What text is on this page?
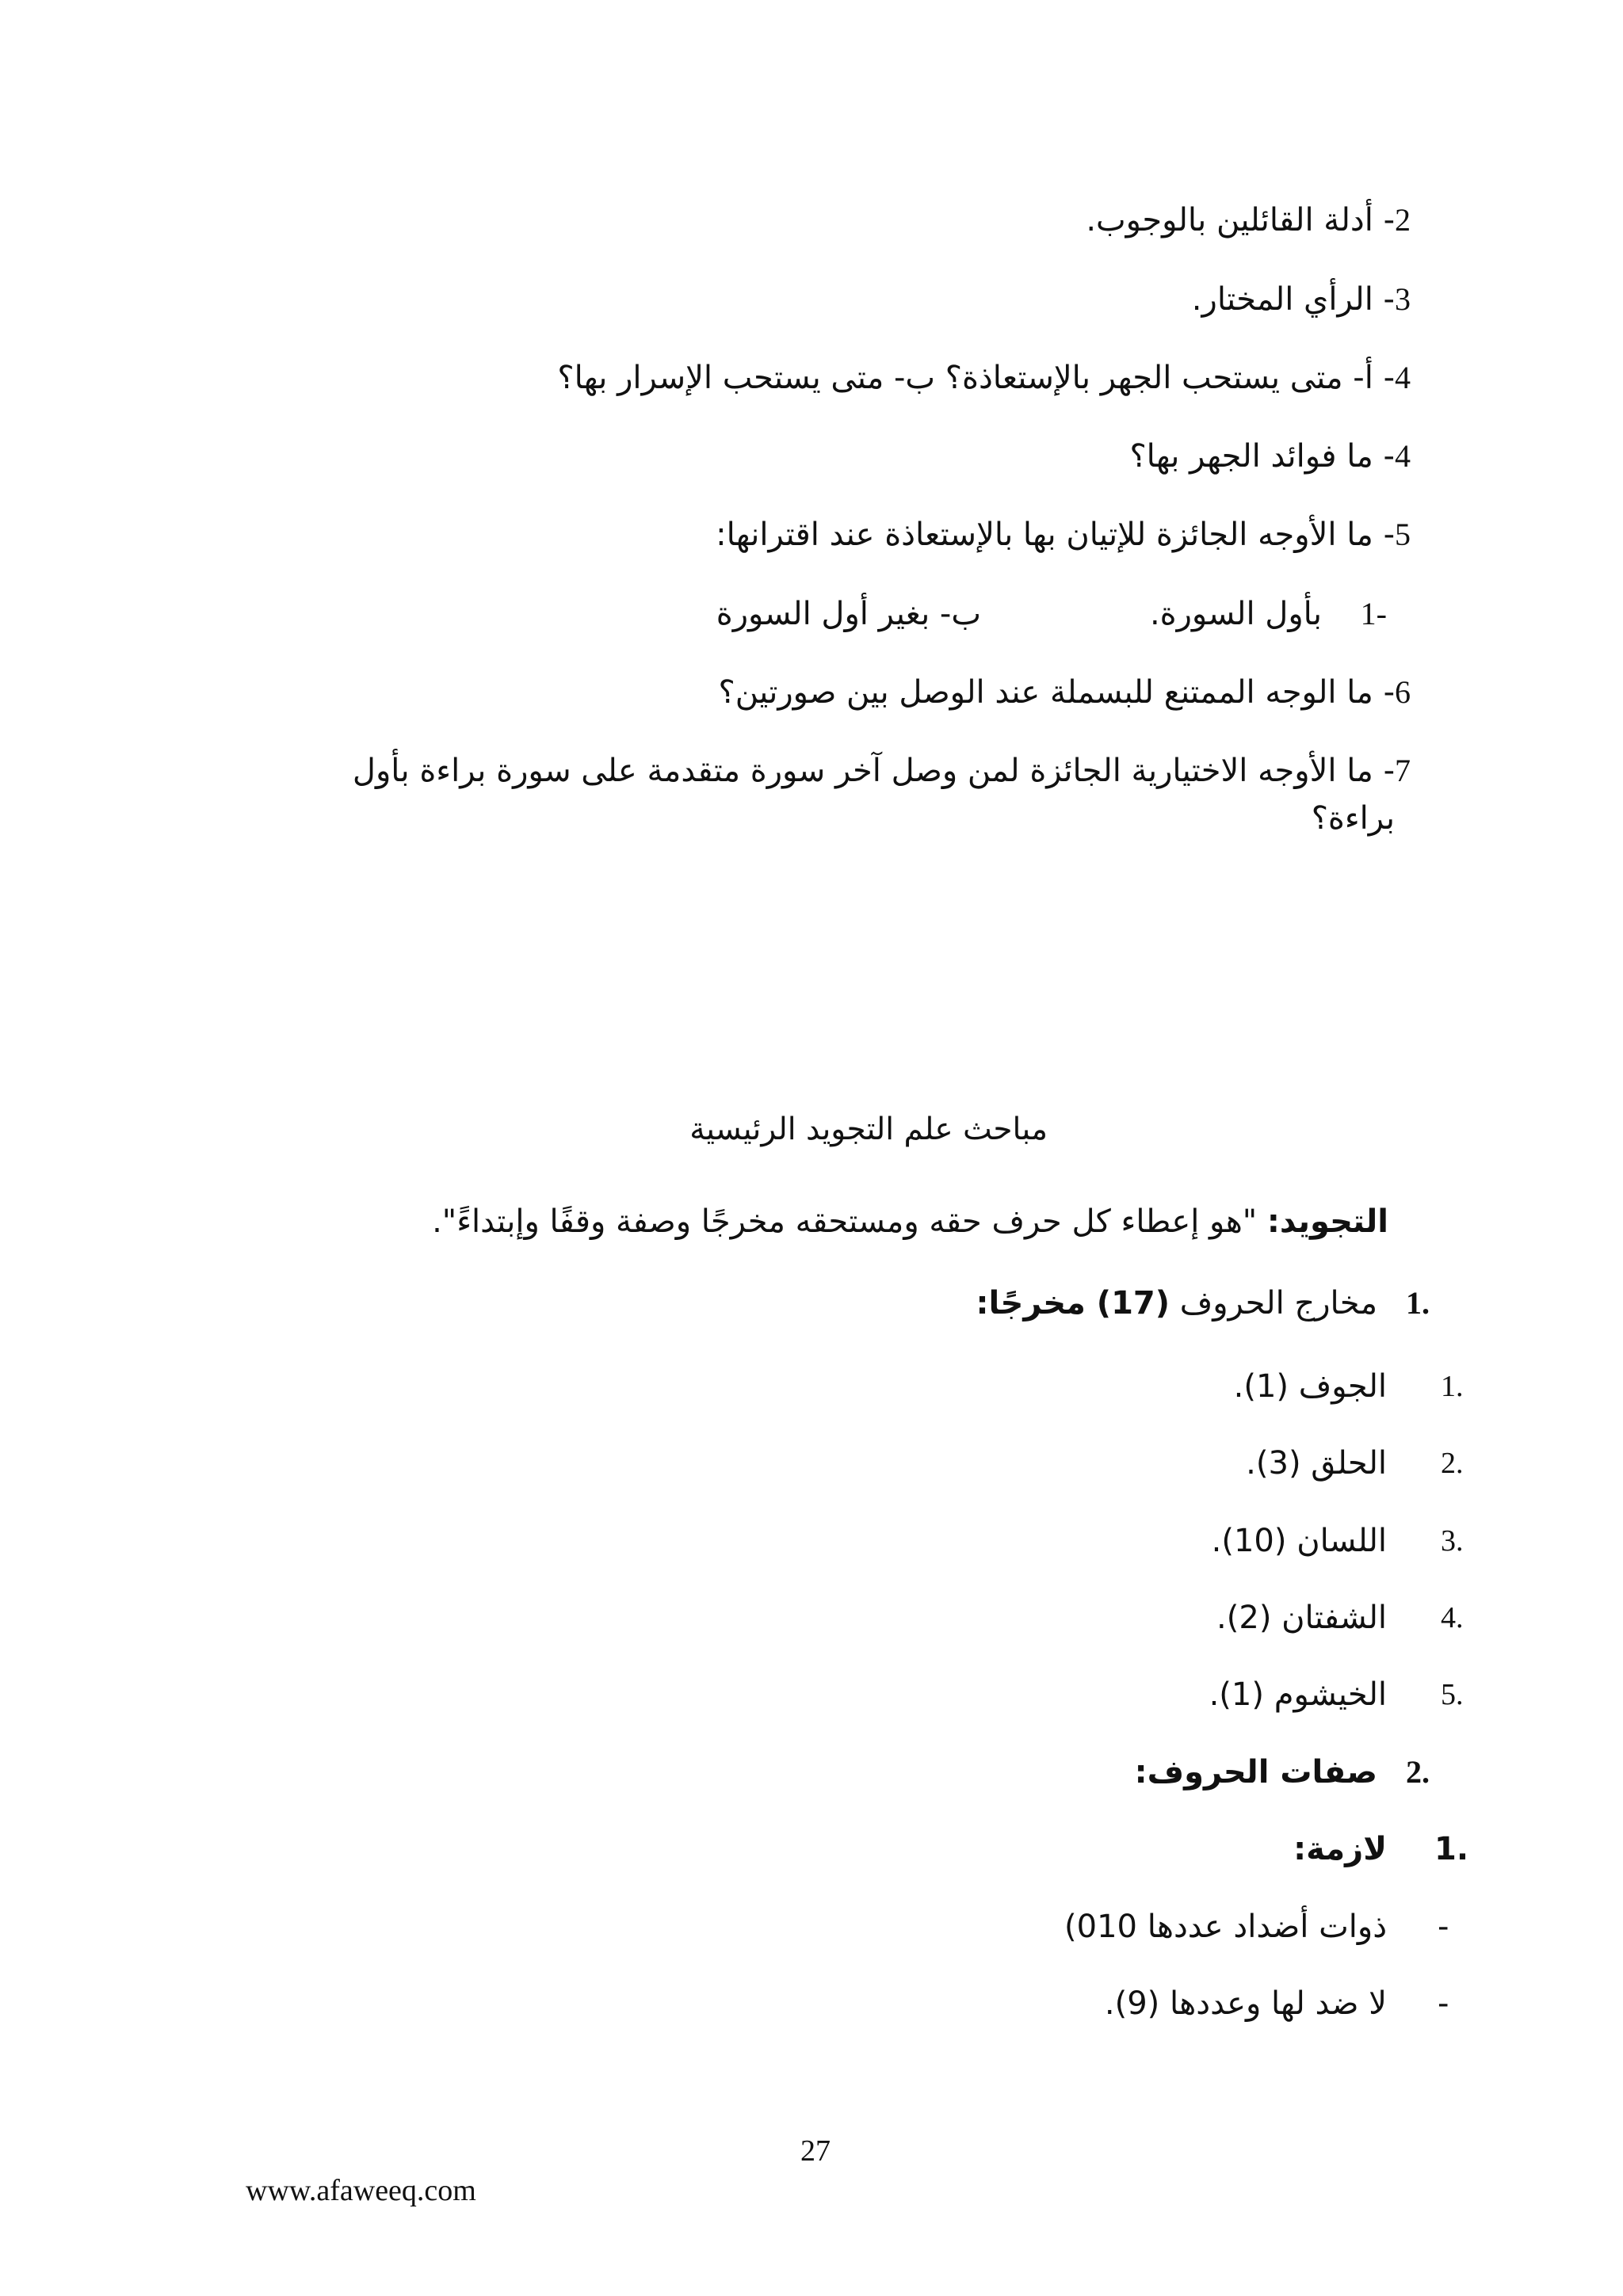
2- أدلة القائلين بالوجوب.
3- الرأي المختار.
4- أ- متى يستحب الجهر بالإستعاذة؟ ب- متى يستحب الإسرار بها؟
4- ما فوائد الجهر بها؟
5- ما الأوجه الجائزة للإتيان بها بالإستعاذة عند اقترانها:
1-
بأول السورة.
ب- بغير أول السورة
6- ما الوجه الممتنع للبسملة عند الوصل بين صورتين؟
7- ما الأوجه الاختيارية الجائزة لمن وصل آخر سورة متقدمة على سورة براءة بأول
براءة؟
مباحث علم التجويد الرئيسية
التجويد: "هو إعطاء كل حرف حقه ومستحقه مخرجًا وصفة وقفًا وإبتداءً".
1.
مخارج الحروف (17) مخرجًا:
1.
الجوف (1).
2.
الحلق (3).
3.
اللسان (10).
4.
الشفتان (2).
5.
الخيشوم (1).
2.
صفات الحروف:
1.
لازمة:
-
ذوات أضداد عددها 010)
-
لا ضد لها وعددها (9).
27
www.afaweeq.com
